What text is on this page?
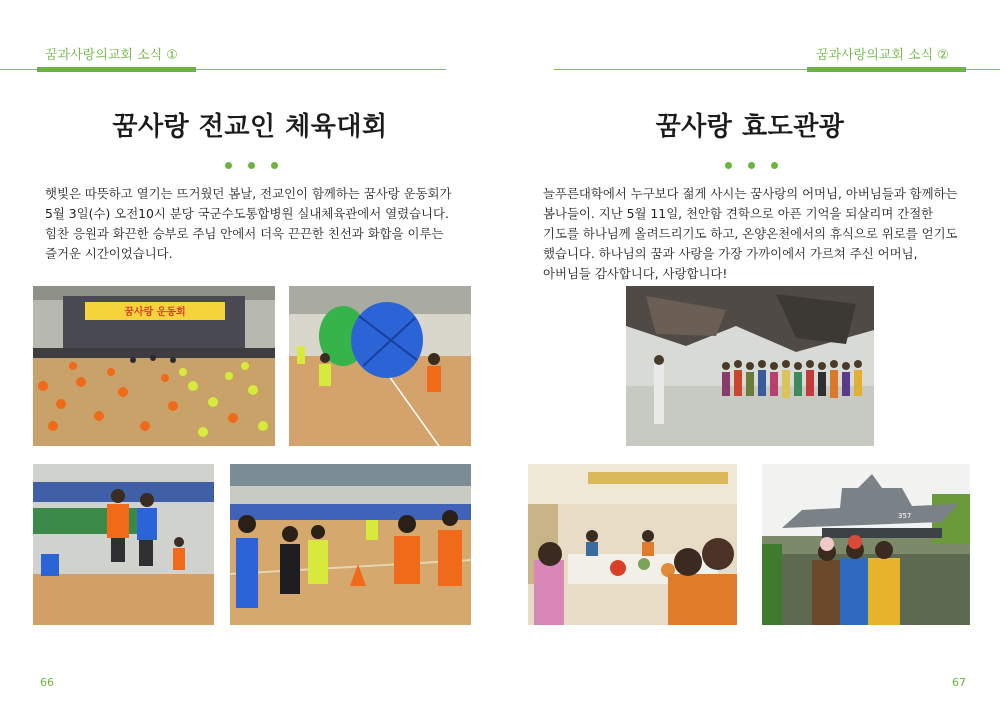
꿈과사랑의교회 소식 ①
꿈사랑 전교인 체육대회
햇빛은 따뜻하고 열기는 뜨거웠던 봄날, 전교인이 함께하는 꿈사랑 운동회가 5월 3일(수) 오전10시 분당 국군수도통합병원 실내체육관에서 열렸습니다. 힘찬 응원과 화끈한 승부로 주님 안에서 더욱 끈끈한 친선과 화합을 이루는 즐거운 시간이었습니다.
꿈사랑 운동회
66
꿈과사랑의교회 소식 ②
꿈사랑 효도관광
늘푸른대학에서 누구보다 젊게 사시는 꿈사랑의 어머님, 아버님들과 함께하는 봄나들이. 지난 5월 11일, 천안함 견학으로 아픈 기억을 되살리며 간절한 기도를 하나님께 올려드리기도 하고, 온양온천에서의 휴식으로 위로를 얻기도 했습니다. 하나님의 꿈과 사랑을 가장 가까이에서 가르쳐 주신 어머님, 아버님들 감사합니다, 사랑합니다!
357
67
